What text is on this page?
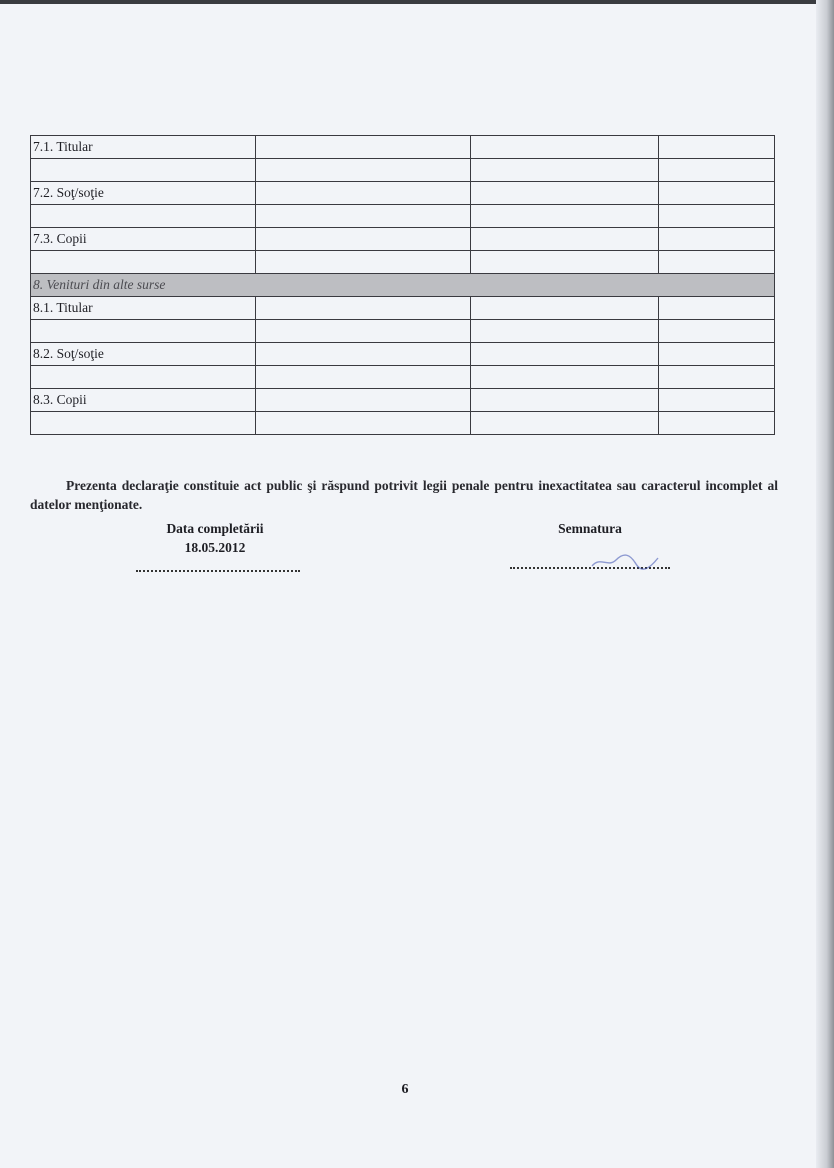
7.1. Titular			

7.2. Soţ/soţie			

7.3. Copii			

8. Venituri din alte surse			
8.1. Titular			

8.2. Soţ/soţie			

8.3. Copii			

Prezenta declaraţie constituie act public şi răspund potrivit legii penale pentru inexactitatea sau caracterul incomplet al datelor menţionate.

Data completării
18.05.2012
Semnatura
6
